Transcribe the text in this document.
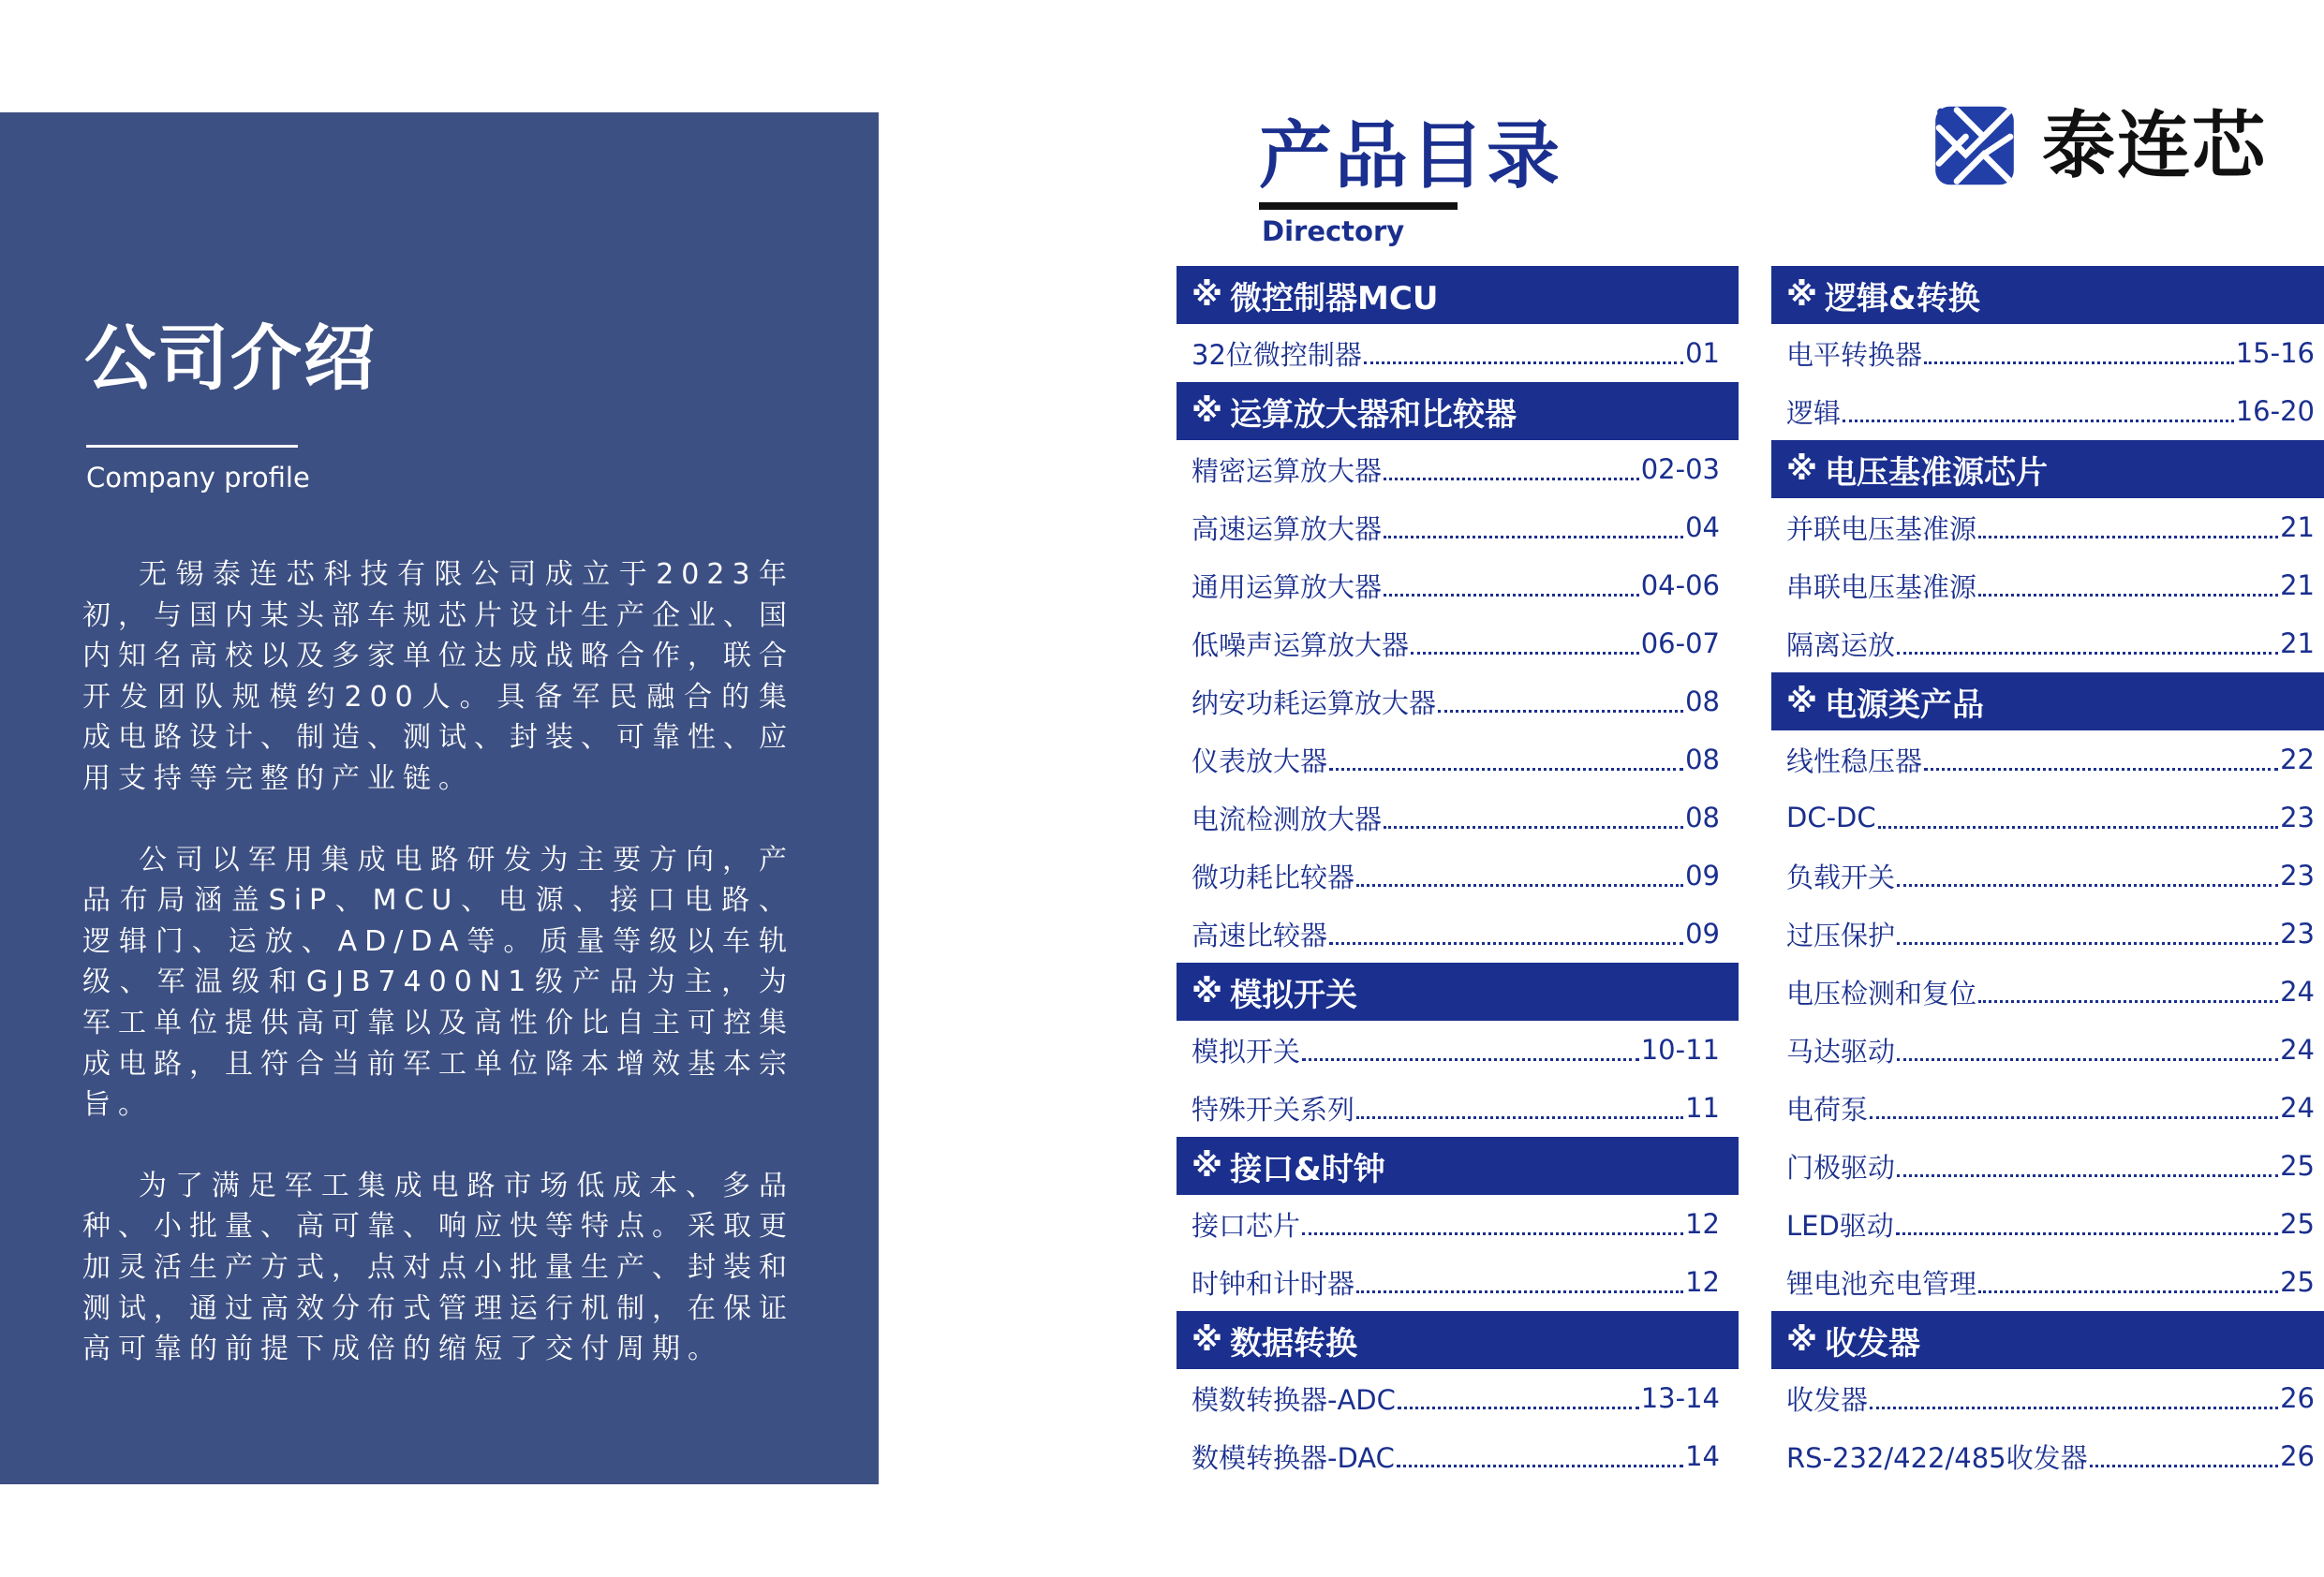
公司介绍
Company profile

无锡泰连芯科技有限公司成立于2023年初，与国内某头部车规芯片设计生产企业、国内知名高校以及多家单位达成战略合作，联合开发团队规模约200人。具备军民融合的集成电路设计、制造、测试、封装、可靠性、应用支持等完整的产业链。

公司以军用集成电路研发为主要方向，产品布局涵盖SiP、MCU、电源、接口电路、逻辑门、运放、AD/DA等。质量等级以车轨级、军温级和GJB7400N1级产品为主，为军工单位提供高可靠以及高性价比自主可控集成电路，且符合当前军工单位降本增效基本宗旨。

为了满足军工集成电路市场低成本、多品种、小批量、高可靠、响应快等特点。采取更加灵活生产方式，点对点小批量生产、封装和测试，通过高效分布式管理运行机制，在保证高可靠的前提下成倍的缩短了交付周期。

产品目录
Directory
泰连芯
※ 微控制器MCU
32位微控制器	01
※ 运算放大器和比较器
精密运算放大器	02-03
高速运算放大器	04
通用运算放大器	04-06
低噪声运算放大器	06-07
纳安功耗运算放大器	08
仪表放大器	08
电流检测放大器	08
微功耗比较器	09
高速比较器	09
※ 模拟开关
模拟开关	10-11
特殊开关系列	11
※ 接口&时钟
接口芯片	12
时钟和计时器	12
※ 数据转换
模数转换器-ADC	13-14
数模转换器-DAC	14
※ 逻辑&转换
电平转换器	15-16
逻辑	16-20
※ 电压基准源芯片
并联电压基准源	21
串联电压基准源	21
隔离运放	21
※ 电源类产品
线性稳压器	22
DC-DC	23
负载开关	23
过压保护	23
电压检测和复位	24
马达驱动	24
电荷泵	24
门极驱动	25
LED驱动	25
锂电池充电管理	25
※ 收发器
收发器	26
RS-232/422/485收发器	26
